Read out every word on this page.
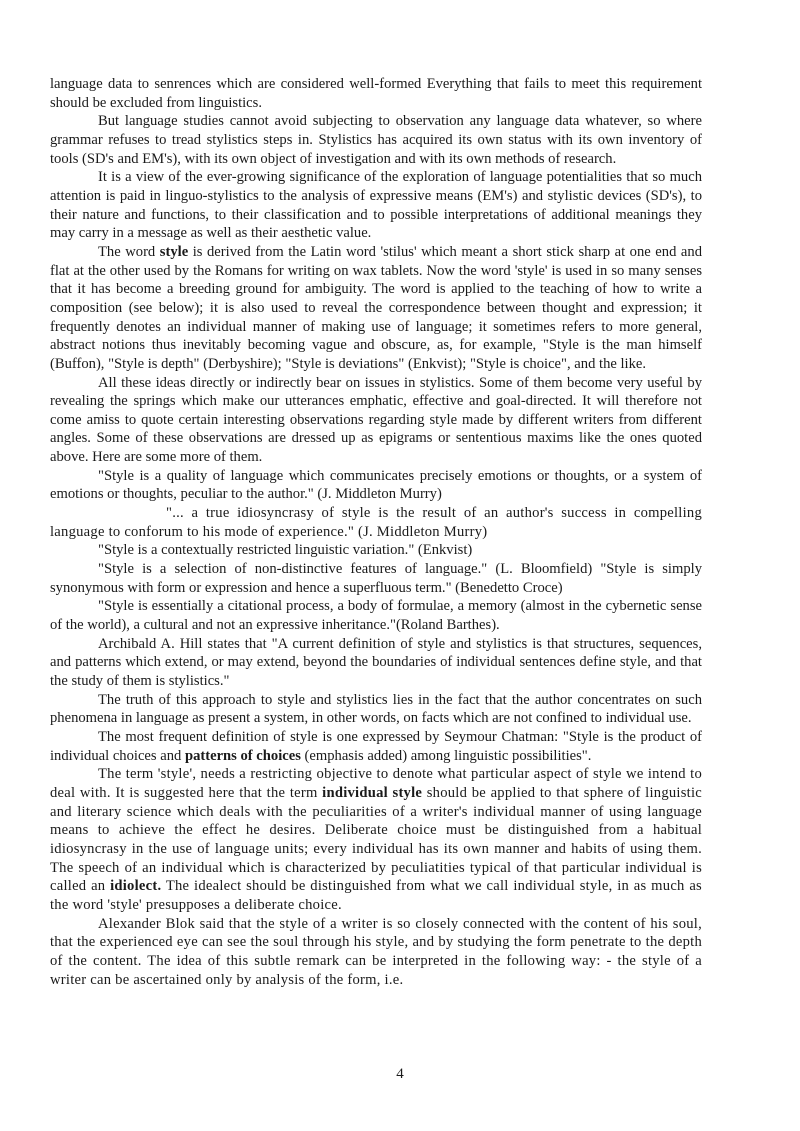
language data to senrences which are considered well-formed Everything that fails to meet this requirement should be excluded from linguistics.

But language studies cannot avoid subjecting to observation any language data whatever, so where grammar refuses to tread stylistics steps in. Stylistics has acquired its own status with its own inventory of tools (SD's and EM's), with its own object of investigation and with its own methods of research.

It is a view of the ever-growing significance of the exploration of language potentialities that so much attention is paid in linguo-stylistics to the analysis of expressive means (EM's) and stylistic devices (SD's), to their nature and functions, to their classification and to possible interpretations of additional meanings they may carry in a message as well as their aesthetic value.

The word style is derived from the Latin word 'stilus' which meant a short stick sharp at one end and flat at the other used by the Romans for writing on wax tablets. Now the word 'style' is used in so many senses that it has become a breeding ground for ambiguity. The word is applied to the teaching of how to write a composition (see below); it is also used to reveal the correspondence between thought and expression; it frequently denotes an individual manner of making use of language; it sometimes refers to more general, abstract notions thus inevitably becoming vague and obscure, as, for example, "Style is the man himself (Buffon), "Style is depth" (Derbyshire); "Style is deviations" (Enkvist); "Style is choice", and the like.

All these ideas directly or indirectly bear on issues in stylistics. Some of them become very useful by revealing the springs which make our utterances emphatic, effective and goal-directed. It will therefore not come amiss to quote certain interesting observations regarding style made by different writers from different angles. Some of these observations are dressed up as epigrams or sententious maxims like the ones quoted above. Here are some more of them.

"Style is a quality of language which communicates precisely emotions or thoughts, or a system of emotions or thoughts, peculiar to the author." (J. Middleton Murry)

"... a true idiosyncrasy of style is the result of an author's success in compelling language to conforum to his mode of experience." (J. Middleton Murry)

"Style is a contextually restricted linguistic variation." (Enkvist)

"Style is a selection of non-distinctive features of language." (L. Bloomfield) "Style is simply synonymous with form or expression and hence a superfluous term." (Benedetto Croce)

"Style is essentially a citational process, a body of formulae, a memory (almost in the cybernetic sense of the world), a cultural and not an expressive inheritance."(Roland Barthes).

Archibald A. Hill states that "A current definition of style and stylistics is that structures, sequences, and patterns which extend, or may extend, beyond the boundaries of individual sentences define style, and that the study of them is stylistics."

The truth of this approach to style and stylistics lies in the fact that the author concentrates on such phenomena in language as present a system, in other words, on facts which are not confined to individual use.

The most frequent definition of style is one expressed by Seymour Chatman: "Style is the product of individual choices and patterns of choices (emphasis added) among linguistic possibilities".

The term 'style', needs a restricting objective to denote what particular aspect of style we intend to deal with. It is suggested here that the term individual style should be applied to that sphere of linguistic and literary science which deals with the peculiarities of a writer's individual manner of using language means to achieve the effect he desires. Deliberate choice must be distinguished from a habitual idiosyncrasy in the use of language units; every individual has its own manner and habits of using them. The speech of an individual which is characterized by peculiatities typical of that particular individual is called an idiolect. The idealect should be distinguished from what we call individual style, in as much as the word 'style' presupposes a deliberate choice.

Alexander Blok said that the style of a writer is so closely connected with the content of his soul, that the experienced eye can see the soul through his style, and by studying the form penetrate to the depth of the content. The idea of this subtle remark can be interpreted in the following way: - the style of a writer can be ascertained only by analysis of the form, i.e.

4
